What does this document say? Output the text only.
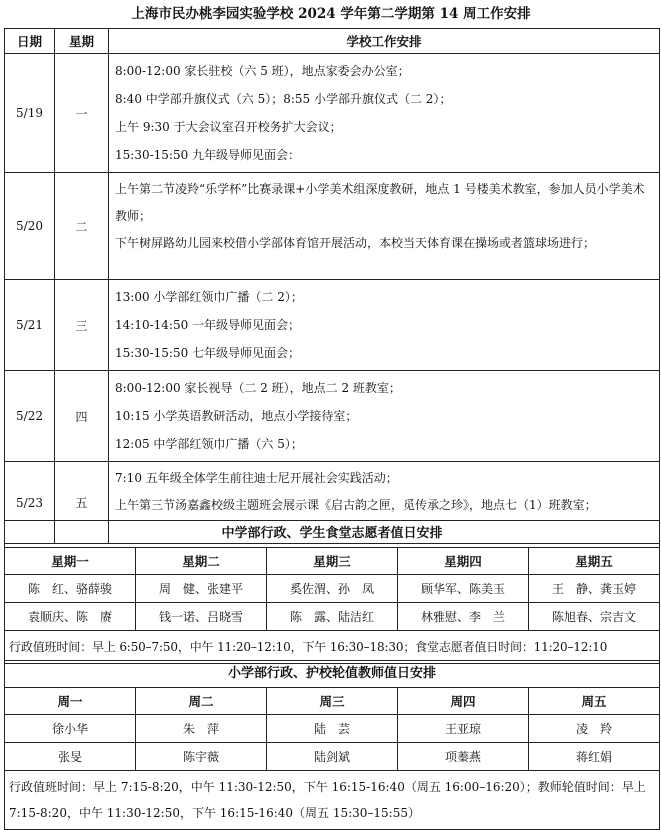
上海市民办桃李园实验学校 2024 学年第二学期第 14 周工作安排
日期	星期	学校工作安排
5/19	一	8:00-12:00 家长驻校（六 5 班），地点家委会办公室；
8:40 中学部升旗仪式（六 5）；8:55 小学部升旗仪式（二 2）；
上午 9:30 于大会议室召开校务扩大会议；
15:30-15:50 九年级导师见面会：

5/20	二	上午第二节凌羚“乐学杯”比赛录课+小学美术组深度教研，地点 1 号楼美术教室，参加人员小学美术教师；
下午树屏路幼儿园来校借小学部体育馆开展活动，本校当天体育课在操场或者篮球场进行；

5/21	三	13:00 小学部红领巾广播（二 2）；
14:10-14:50 一年级导师见面会；
15:30-15:50 七年级导师见面会；

5/22	四	8:00-12:00 家长视导（二 2 班），地点二 2 班教室；
10:15 小学英语教研活动，地点小学接待室；
12:05 中学部红领巾广播（六 5）；

5/23	五	7:10 五年级全体学生前往迪士尼开展社会实践活动；
上午第三节汤嘉鑫校级主题班会展示课《启古韵之匣，觅传承之珍》，地点七（1）班教室；
中学部行政、学生食堂志愿者值日安排				
星期一	星期二	星期三	星期四	星期五
陈　红、骆薛骏	周　健、张建平	奚佐渭、孙　凤	顾华军、陈美玉	王　静、龚玉婷
袁顺庆、陈　赓	钱一诺、吕晓雪	陈　露、陆洁红	林雅慰、李　兰	陈旭春、宗吉文
行政值班时间：早上 6:50–7:50，中午 11:20–12:10，下午 16:30–18:30；食堂志愿者值日时间：11:20–12:10				
小学部行政、护校轮值教师值日安排				
周一	周二	周三	周四	周五
徐小华	朱　萍	陆　芸	王亚琼	凌　羚
张旻	陈宇薇	陆剑斌	项蓁燕	蒋红娟
行政值班时间：早上 7:15-8:20，中午 11:30-12:50，下午 16:15-16:40（周五 16:00–16:20）；教师轮值时间：早上 7:15-8:20，中午 11:30-12:50，下午 16:15-16:40（周五 15:30–15:55）				
